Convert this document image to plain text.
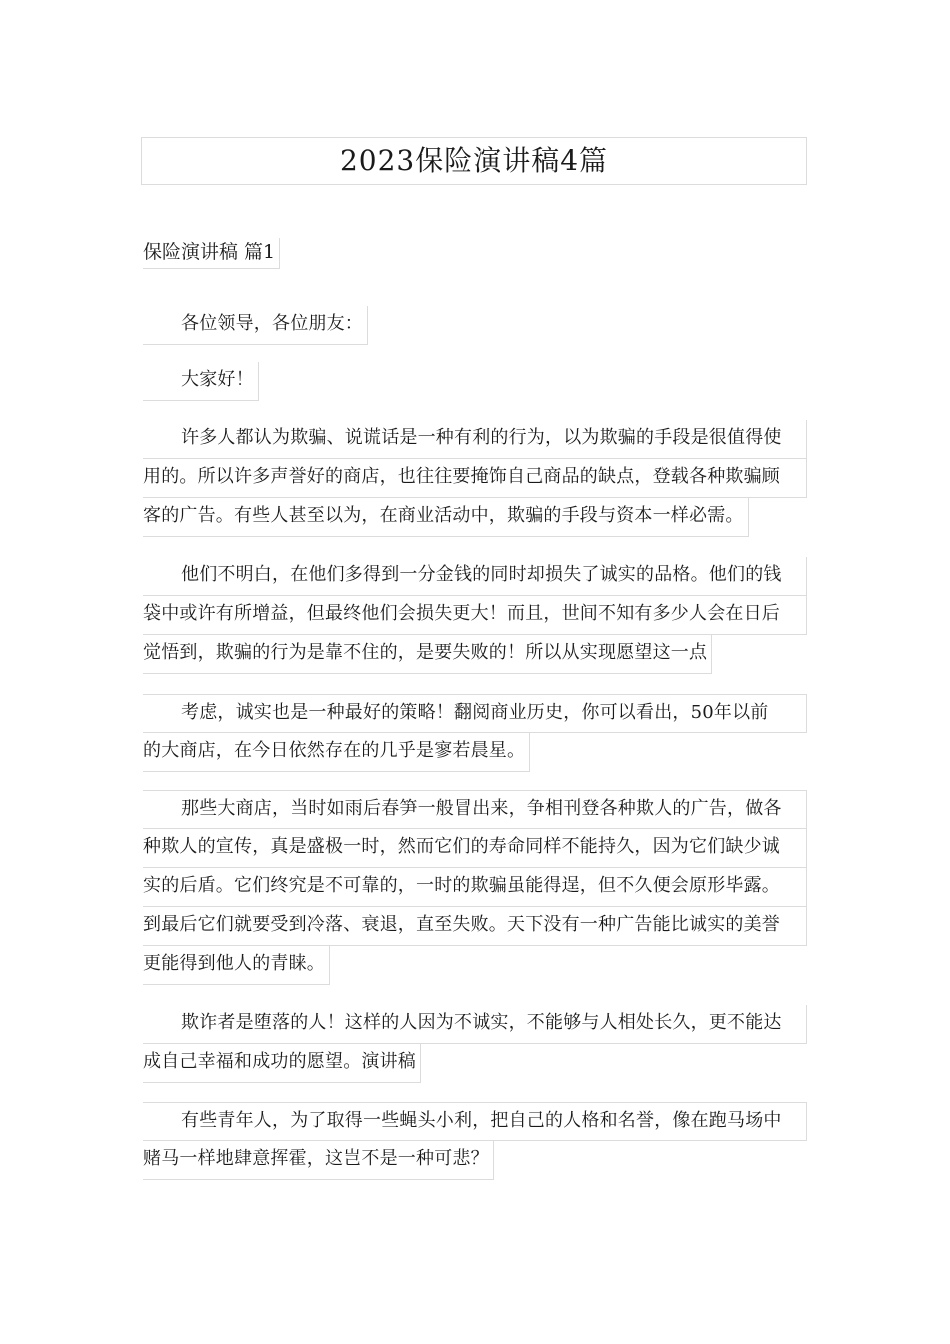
2023保险演讲稿4篇
保险演讲稿 篇1
各位领导，各位朋友：
大家好！
许多人都认为欺骗、说谎话是一种有利的行为，以为欺骗的手段是很值得使
用的。所以许多声誉好的商店，也往往要掩饰自己商品的缺点，登载各种欺骗顾
客的广告。有些人甚至以为，在商业活动中，欺骗的手段与资本一样必需。
他们不明白，在他们多得到一分金钱的同时却损失了诚实的品格。他们的钱
袋中或许有所增益，但最终他们会损失更大！而且，世间不知有多少人会在日后
觉悟到，欺骗的行为是靠不住的，是要失败的！所以从实现愿望这一点
考虑，诚实也是一种最好的策略！翻阅商业历史，你可以看出，50年以前
的大商店，在今日依然存在的几乎是寥若晨星。
那些大商店，当时如雨后春笋一般冒出来，争相刊登各种欺人的广告，做各
种欺人的宣传，真是盛极一时，然而它们的寿命同样不能持久，因为它们缺少诚
实的后盾。它们终究是不可靠的，一时的欺骗虽能得逞，但不久便会原形毕露。
到最后它们就要受到冷落、衰退，直至失败。天下没有一种广告能比诚实的美誉
更能得到他人的青睐。
欺诈者是堕落的人！这样的人因为不诚实，不能够与人相处长久，更不能达
成自己幸福和成功的愿望。演讲稿
有些青年人，为了取得一些蝇头小利，把自己的人格和名誉，像在跑马场中
赌马一样地肆意挥霍，这岂不是一种可悲？
